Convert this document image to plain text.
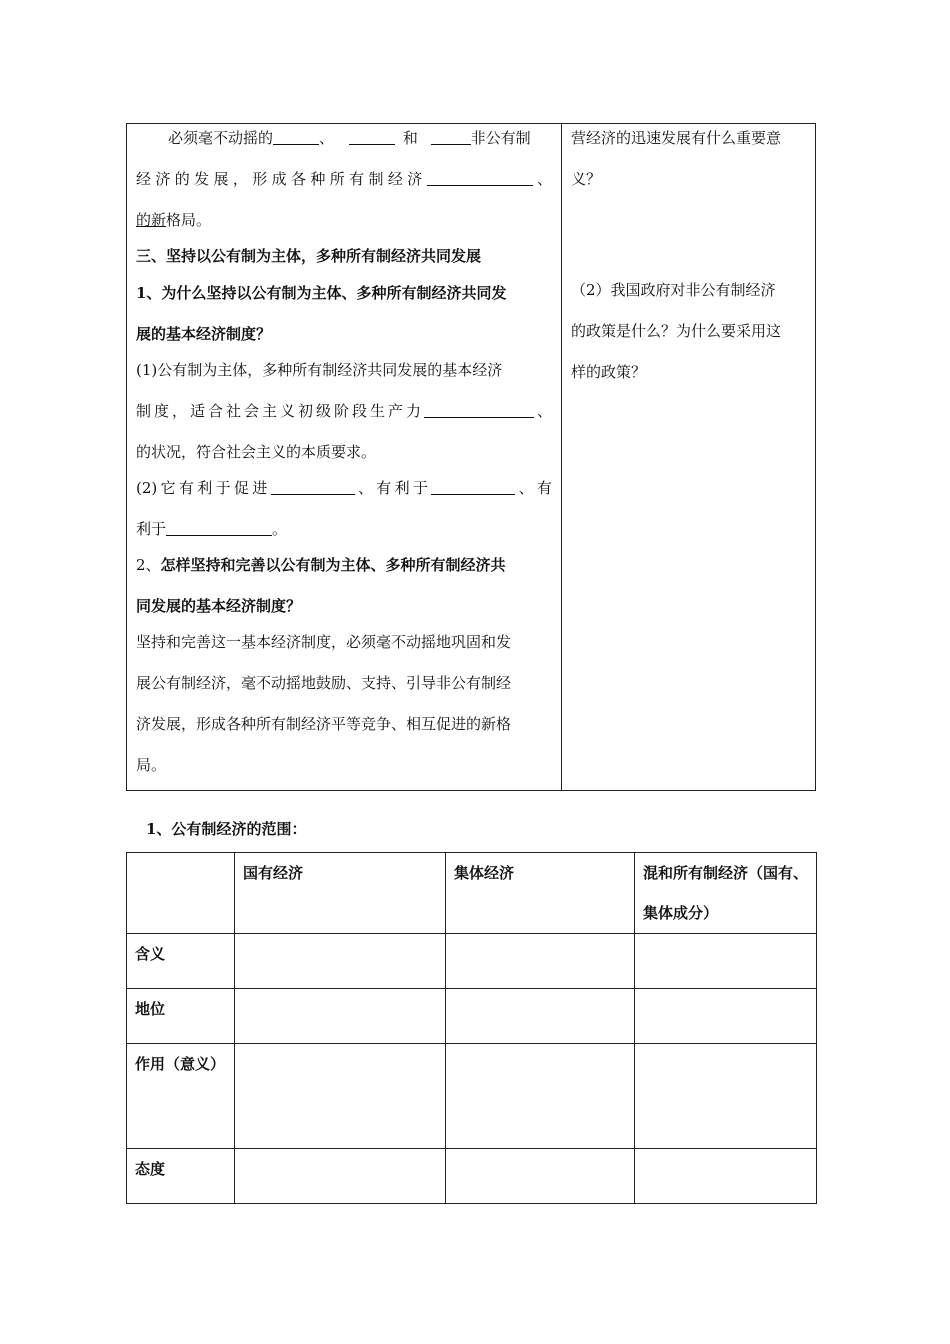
必须毫不动摇的	、	和	非公有制
经济的发展，形成各种所有制经济	、
的新格局。
三、坚持以公有制为主体，多种所有制经济共同发展
1、为什么坚持以公有制为主体、多种所有制经济共同发
展的基本经济制度？
(1)公有制为主体，多种所有制经济共同发展的基本经济
制度，适合社会主义初级阶段生产力	、
的状况，符合社会主义的本质要求。
(2)它有利于促进	、有利于	、有
利于	。
2、怎样坚持和完善以公有制为主体、多种所有制经济共
同发展的基本经济制度？
坚持和完善这一基本经济制度，必须毫不动摇地巩固和发
展公有制经济，毫不动摇地鼓励、支持、引导非公有制经
济发展，形成各种所有制经济平等竞争、相互促进的新格
局。
营经济的迅速发展有什么重要意
义？
（2）我国政府对非公有制经济
的政策是什么？为什么要采用这
样的政策？
1、公有制经济的范围：
	国有经济	集体经济	混和所有制经济（国有、集体成分）
含义			
地位			
作用（意义）			
态度			
